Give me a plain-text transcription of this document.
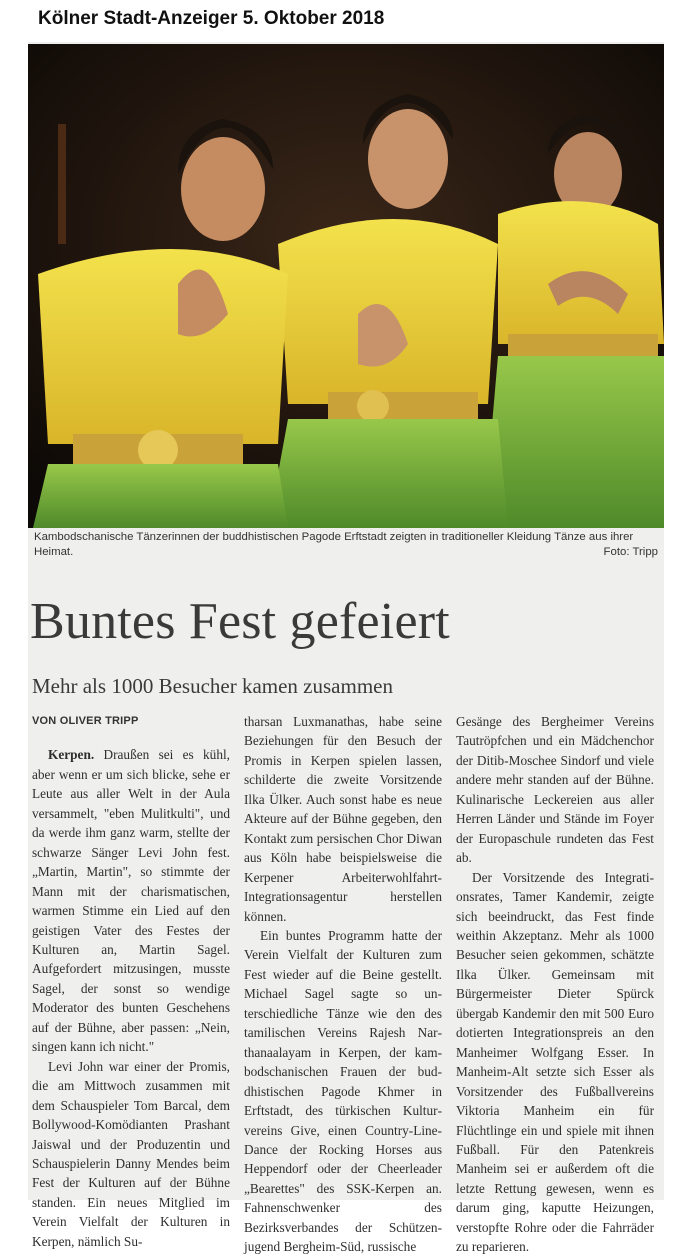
Kölner Stadt-Anzeiger 5. Oktober 2018
Kambodschanische Tänzerinnen der buddhistischen Pagode Erftstadt zeigten in traditioneller Kleidung Tänze aus ihrer Heimat.	Foto: Tripp
Buntes Fest gefeiert
Mehr als 1000 Besucher kamen zusammen

VON OLIVER TRIPP

Kerpen. Draußen sei es kühl, aber wenn er um sich blicke, sehe er Leute aus aller Welt in der Aula versammelt, "eben Mulitkulti", und da werde ihm ganz warm, stellte der schwarze Sänger Levi John fest. „Martin, Martin", so stimmte der Mann mit der charismatischen, warmen Stimme ein Lied auf den geistigen Vater des Festes der Kulturen an, Martin Sagel. Aufgefordert mitzusingen, musste Sagel, der sonst so wendige Moderator des bunten Geschehens auf der Bühne, aber passen: „Nein, singen kann ich nicht."

Levi John war einer der Promis, die am Mittwoch zusammen mit dem Schauspieler Tom Barcal, dem Bollywood-Komödianten Prashant Jaiswal und der Produzentin und Schauspielerin Danny Mendes beim Fest der Kulturen auf der Bühne standen. Ein neues Mitglied im Verein Vielfalt der Kulturen in Kerpen, nämlich Su-

tharsan Luxmanathas, habe seine Beziehungen für den Besuch der Promis in Kerpen spielen lassen, schilderte die zweite Vorsitzende Ilka Ülker. Auch sonst habe es neue Akteure auf der Bühne gegeben, den Kontakt zum persischen Chor Diwan aus Köln habe beispielsweise die Kerpener Arbeiterwohlfahrt-Integrationsagentur herstellen können.

Ein buntes Programm hatte der Verein Vielfalt der Kulturen zum Fest wieder auf die Beine gestellt. Michael Sagel sagte so unterschiedliche Tänze wie den des tamilischen Vereins Rajesh Narthanaalayam in Kerpen, der kambodschanischen Frauen der buddhistischen Pagode Khmer in Erftstadt, des türkischen Kulturvereins Give, einen Country-Line-Dance der Rocking Horses aus Heppendorf oder der Cheerleader „Bearettes" des SSK-Kerpen an. Fahnenschwenker des Bezirksverbandes der Schützenjugend Bergheim-Süd, russische

Gesänge des Bergheimer Vereins Tautröpfchen und ein Mädchenchor der Ditib-Moschee Sindorf und viele andere mehr standen auf der Bühne. Kulinarische Leckereien aus aller Herren Länder und Stände im Foyer der Europaschule rundeten das Fest ab.

Der Vorsitzende des Integrationsrates, Tamer Kandemir, zeigte sich beeindruckt, das Fest finde weithin Akzeptanz. Mehr als 1000 Besucher seien gekommen, schätzte Ilka Ülker. Gemeinsam mit Bürgermeister Dieter Spürck übergab Kandemir den mit 500 Euro dotierten Integrationspreis an den Manheimer Wolfgang Esser. In Manheim-Alt setzte sich Esser als Vorsitzender des Fußballvereins Viktoria Manheim ein für Flüchtlinge ein und spiele mit ihnen Fußball. Für den Patenkreis Manheim sei er außerdem oft die letzte Rettung gewesen, wenn es darum ging, kaputte Heizungen, verstopfte Rohre oder die Fahrräder zu reparieren.
